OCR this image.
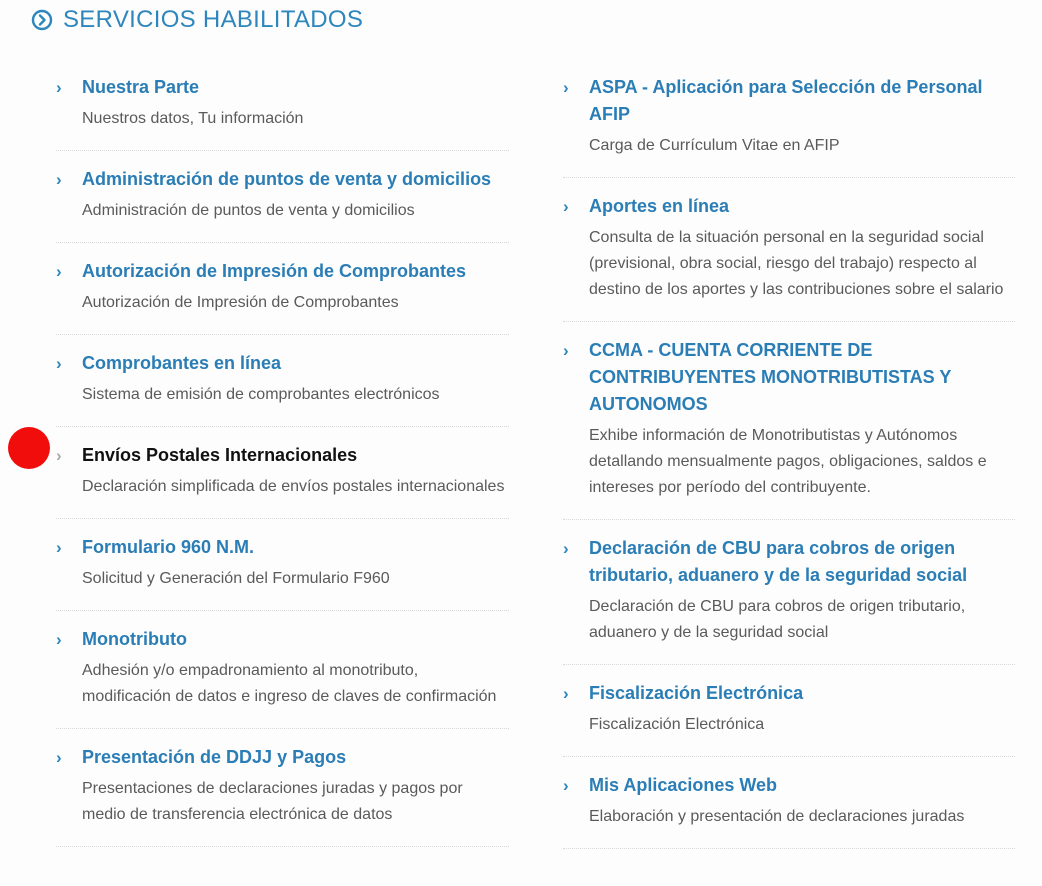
SERVICIOS HABILITADOS
› Nuestra Parte
Nuestros datos, Tu información
› Administración de puntos de venta y domicilios
Administración de puntos de venta y domicilios
› Autorización de Impresión de Comprobantes
Autorización de Impresión de Comprobantes
› Comprobantes en línea
Sistema de emisión de comprobantes electrónicos
› Envíos Postales Internacionales
Declaración simplificada de envíos postales internacionales
› Formulario 960 N.M.
Solicitud y Generación del Formulario F960
› Monotributo
Adhesión y/o empadronamiento al monotributo, modificación de datos e ingreso de claves de confirmación
› Presentación de DDJJ y Pagos
Presentaciones de declaraciones juradas y pagos por medio de transferencia electrónica de datos
› ASPA - Aplicación para Selección de Personal AFIP
Carga de Currículum Vitae en AFIP
› Aportes en línea
Consulta de la situación personal en la seguridad social (previsional, obra social, riesgo del trabajo) respecto al destino de los aportes y las contribuciones sobre el salario
› CCMA - CUENTA CORRIENTE DE CONTRIBUYENTES MONOTRIBUTISTAS Y AUTONOMOS
Exhibe información de Monotributistas y Autónomos detallando mensualmente pagos, obligaciones, saldos e intereses por período del contribuyente.
› Declaración de CBU para cobros de origen tributario, aduanero y de la seguridad social
Declaración de CBU para cobros de origen tributario, aduanero y de la seguridad social
› Fiscalización Electrónica
Fiscalización Electrónica
› Mis Aplicaciones Web
Elaboración y presentación de declaraciones juradas
